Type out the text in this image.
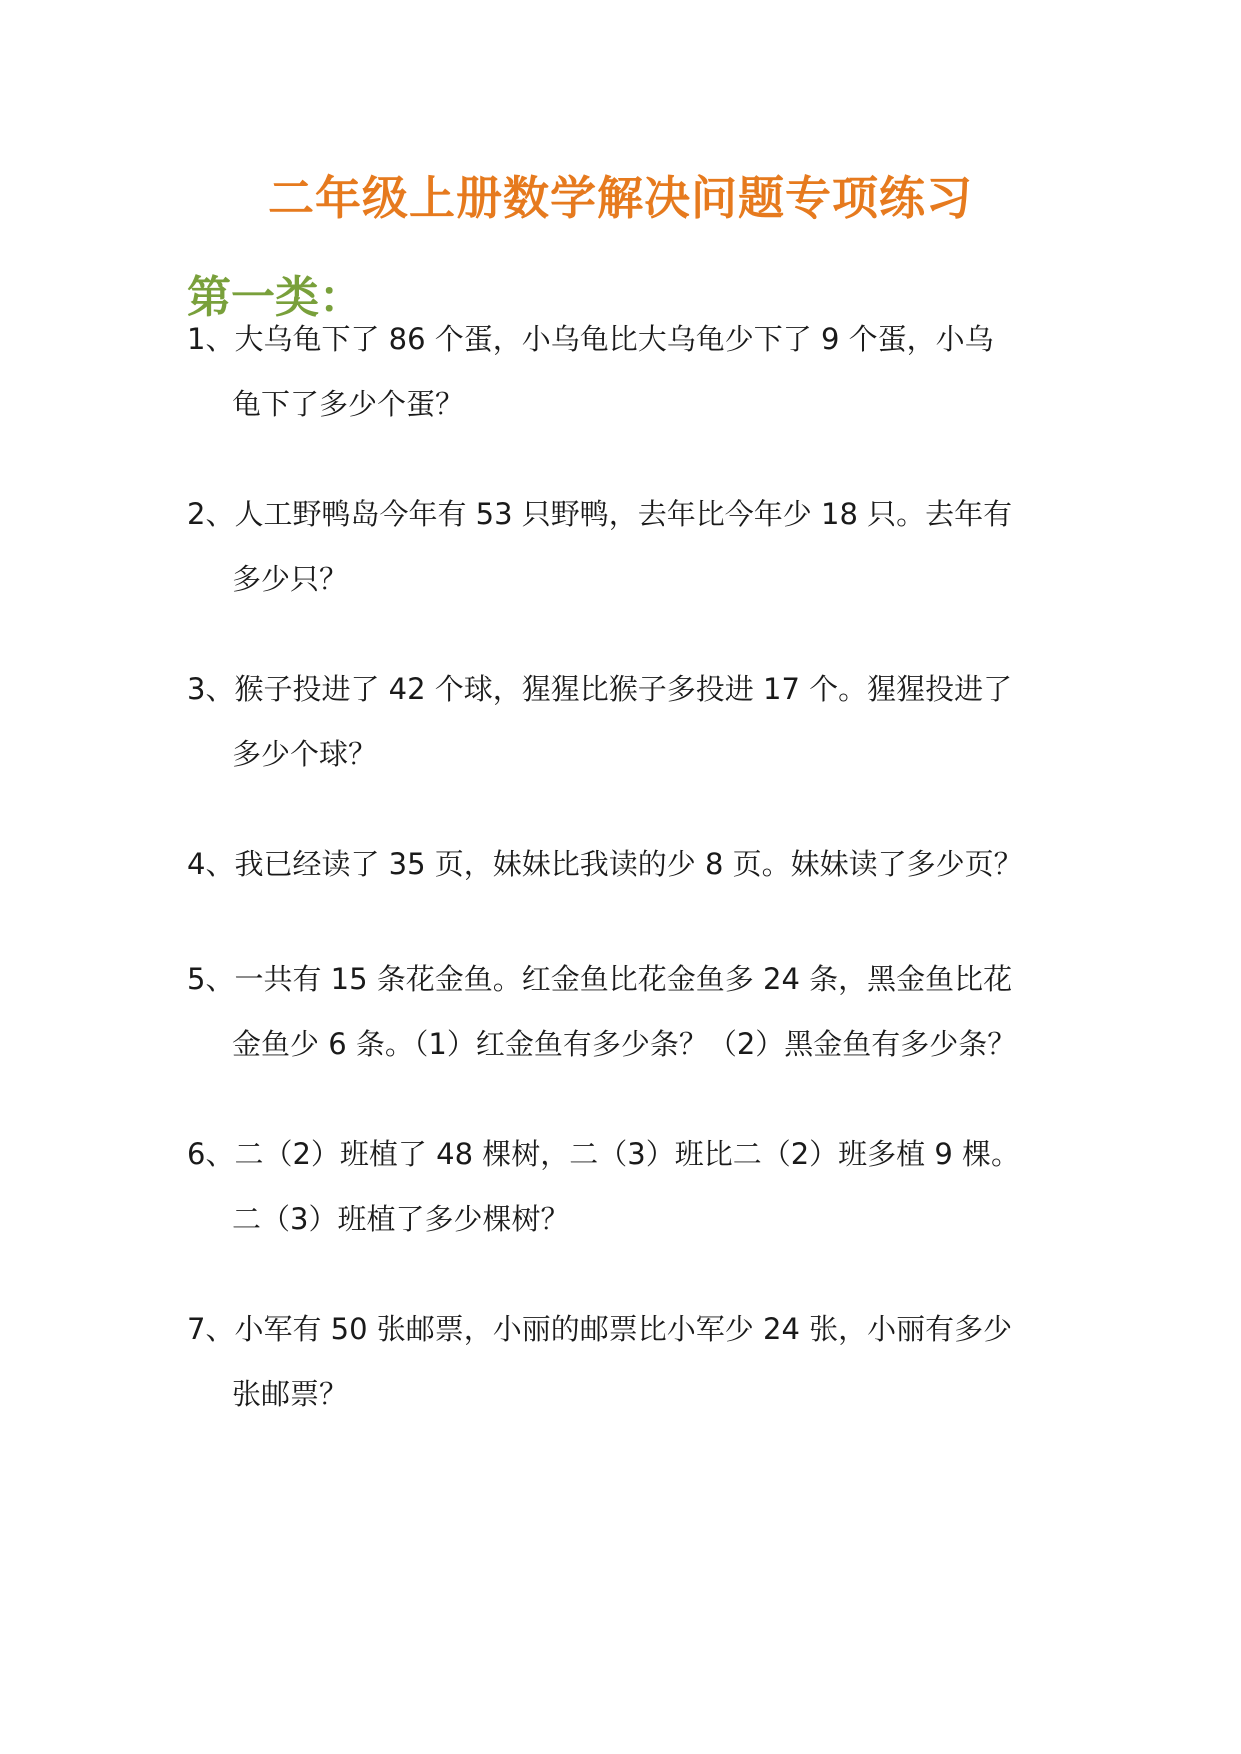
二年级上册数学解决问题专项练习
第一类：
1、大乌龟下了 86 个蛋，小乌龟比大乌龟少下了 9 个蛋，小乌
龟下了多少个蛋？
2、人工野鸭岛今年有 53 只野鸭，去年比今年少 18 只。去年有
多少只？
3、猴子投进了 42 个球，猩猩比猴子多投进 17 个。猩猩投进了
多少个球？
4、我已经读了 35 页，妹妹比我读的少 8 页。妹妹读了多少页？
5、一共有 15 条花金鱼。红金鱼比花金鱼多 24 条，黑金鱼比花
金鱼少 6 条。（1）红金鱼有多少条？（2）黑金鱼有多少条？
6、二（2）班植了 48 棵树，二（3）班比二（2）班多植 9 棵。
二（3）班植了多少棵树？
7、小军有 50 张邮票，小丽的邮票比小军少 24 张，小丽有多少
张邮票？
